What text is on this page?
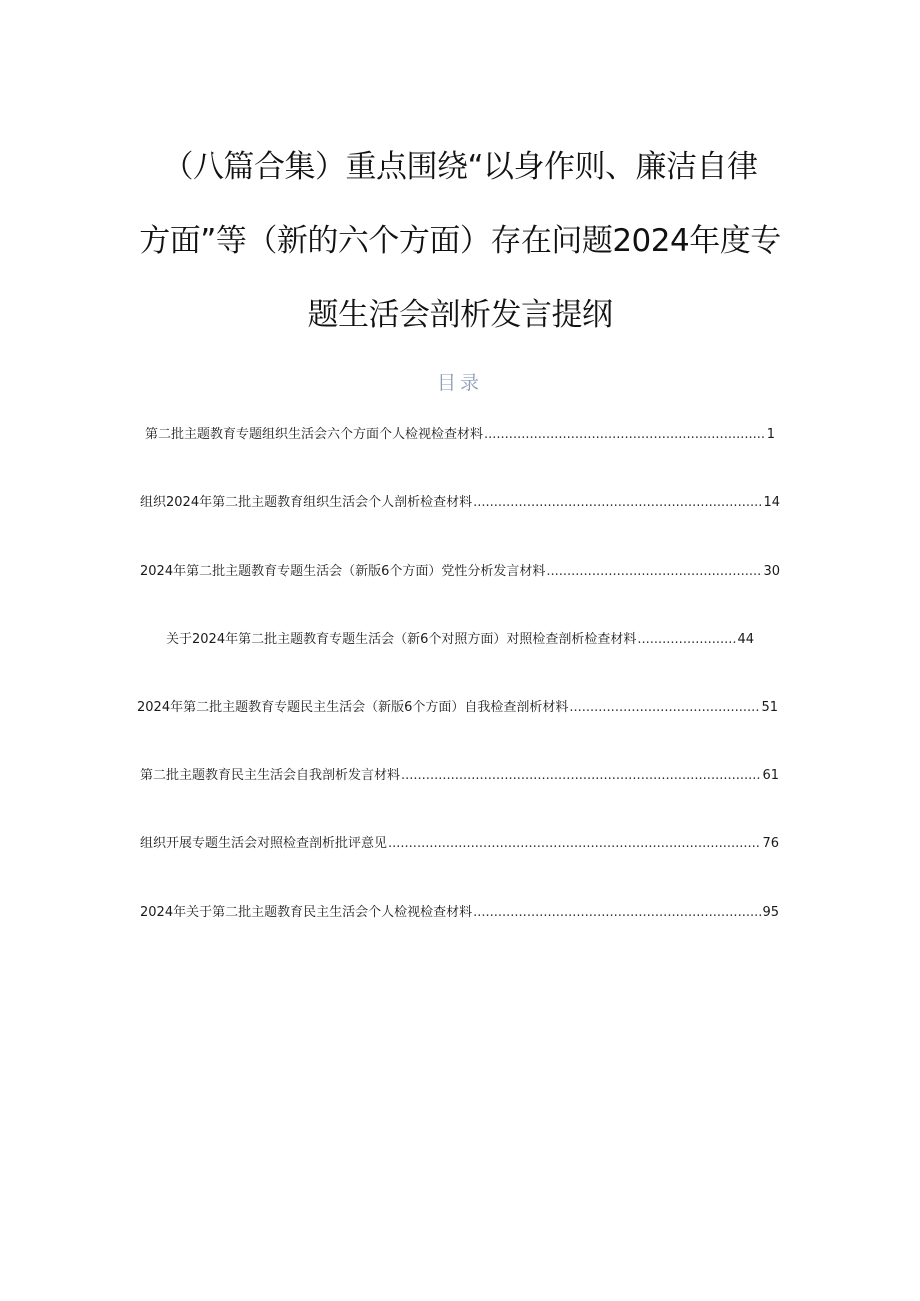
（八篇合集）重点围绕“以身作则、廉洁自律
方面”等（新的六个方面）存在问题2024年度专
题生活会剖析发言提纲
目录
第二批主题教育专题组织生活会六个方面个人检视检查材料 .....	1
组织2024年第二批主题教育组织生活会个人剖析检查材料 .....	14
2024年第二批主题教育专题生活会（新版6个方面）党性分析发言材料 .....	30
关于2024年第二批主题教育专题生活会（新6个对照方面）对照检查剖析检查材料 .....	44
2024年第二批主题教育专题民主生活会（新版6个方面）自我检查剖析材料 .....	51
第二批主题教育民主生活会自我剖析发言材料 .....	61
组织开展专题生活会对照检查剖析批评意见 .....	76
2024年关于第二批主题教育民主生活会个人检视检查材料 .....	95
